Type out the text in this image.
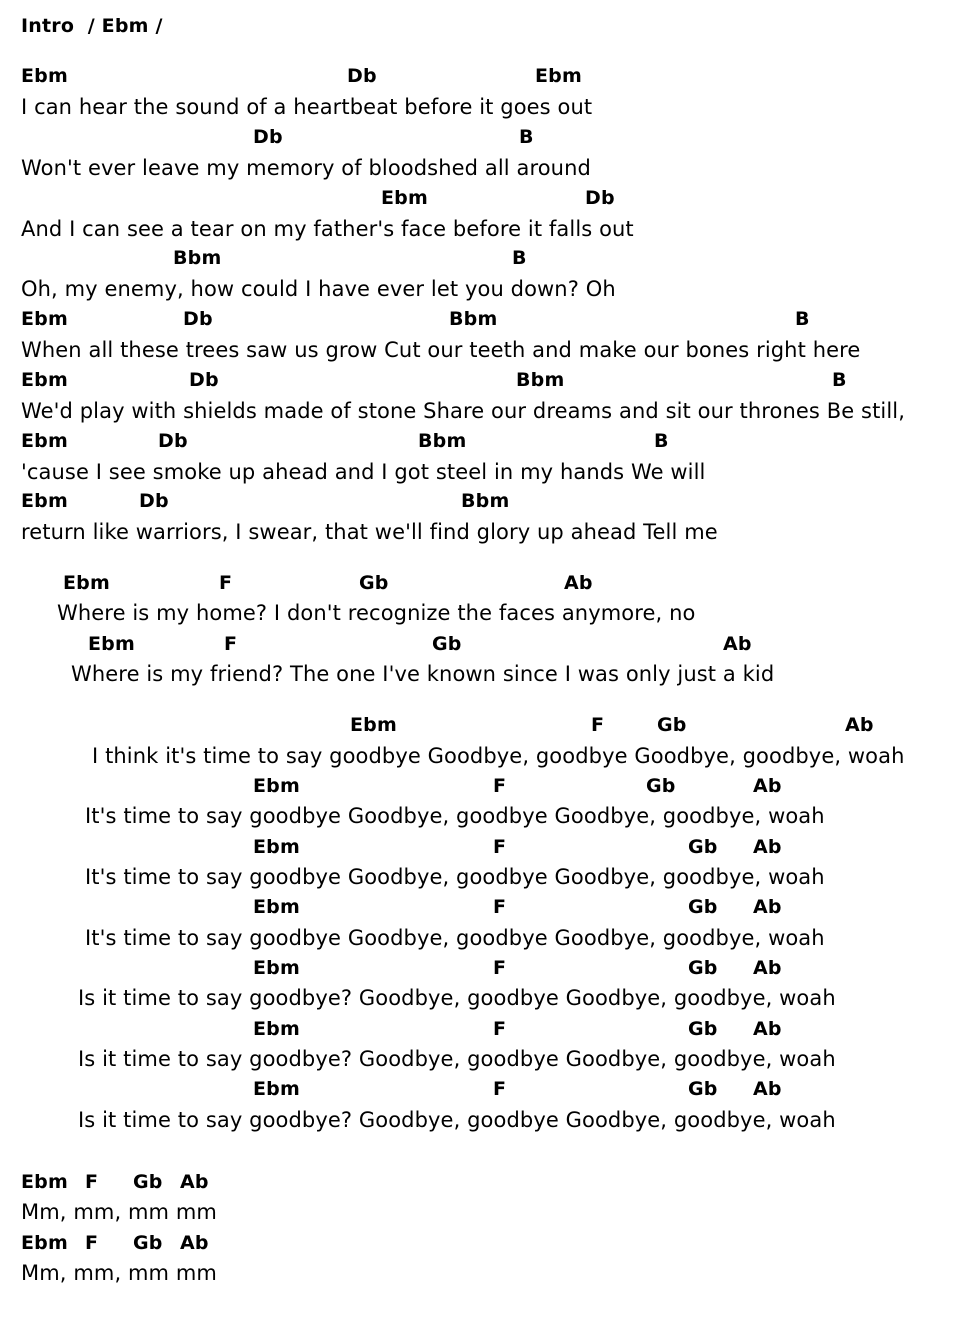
Intro  / Ebm /

Ebm	Db	Ebm
I can hear the sound of a heartbeat before it goes out
Db	B
Won't ever leave my memory of bloodshed all around
Ebm	Db
And I can see a tear on my father's face before it falls out
Bbm	B
Oh, my enemy, how could I have ever let you down? Oh
Ebm	Db	Bbm	B
When all these trees saw us grow Cut our teeth and make our bones right here
Ebm	Db	Bbm	B
We'd play with shields made of stone Share our dreams and sit our thrones Be still,
Ebm	Db	Bbm	B
'cause I see smoke up ahead and I got steel in my hands We will
Ebm	Db	Bbm
return like warriors, I swear, that we'll find glory up ahead Tell me
Ebm	F	Gb	Ab
Where is my home? I don't recognize the faces anymore, no
Ebm	F	Gb	Ab
Where is my friend? The one I've known since I was only just a kid
Ebm	F	Gb	Ab
I think it's time to say goodbye Goodbye, goodbye Goodbye, goodbye, woah
Ebm	F	Gb	Ab
It's time to say goodbye Goodbye, goodbye Goodbye, goodbye, woah
Ebm	F	Gb Ab
It's time to say goodbye Goodbye, goodbye Goodbye, goodbye, woah
Ebm	F	Gb Ab
It's time to say goodbye Goodbye, goodbye Goodbye, goodbye, woah
Ebm	F	Gb Ab
Is it time to say goodbye? Goodbye, goodbye Goodbye, goodbye, woah
Ebm	F	Gb Ab
Is it time to say goodbye? Goodbye, goodbye Goodbye, goodbye, woah
Ebm	F	Gb Ab
Is it time to say goodbye? Goodbye, goodbye Goodbye, goodbye, woah
Ebm F Gb Ab
Mm, mm, mm mm
Ebm F Gb Ab
Mm, mm, mm mm
